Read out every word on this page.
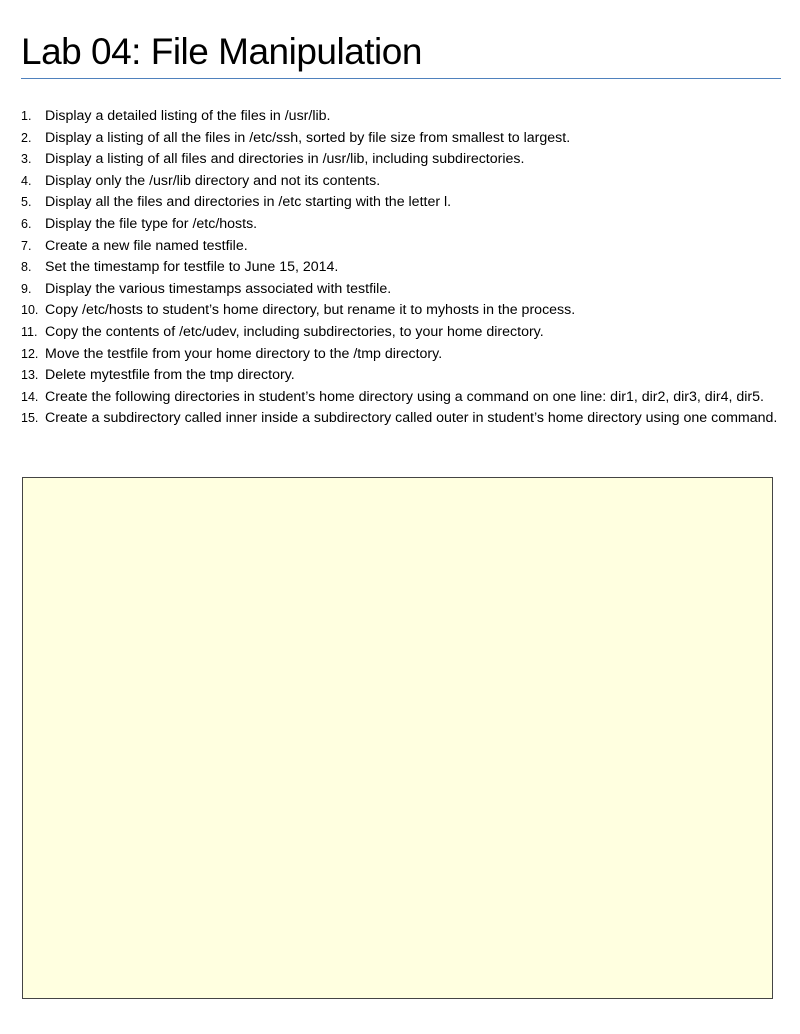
Lab 04: File Manipulation
1. Display a detailed listing of the files in /usr/lib.
2. Display a listing of all the files in /etc/ssh, sorted by file size from smallest to largest.
3. Display a listing of all files and directories in /usr/lib, including subdirectories.
4. Display only the /usr/lib directory and not its contents.
5. Display all the files and directories in /etc starting with the letter l.
6. Display the file type for /etc/hosts.
7. Create a new file named testfile.
8. Set the timestamp for testfile to June 15, 2014.
9. Display the various timestamps associated with testfile.
10. Copy /etc/hosts to student’s home directory, but rename it to myhosts in the process.
11. Copy the contents of /etc/udev, including subdirectories, to your home directory.
12. Move the testfile from your home directory to the /tmp directory.
13. Delete mytestfile from the tmp directory.
14. Create the following directories in student’s home directory using a command on one line: dir1, dir2, dir3, dir4, dir5.
15. Create a subdirectory called inner inside a subdirectory called outer in student’s home directory using one command.
